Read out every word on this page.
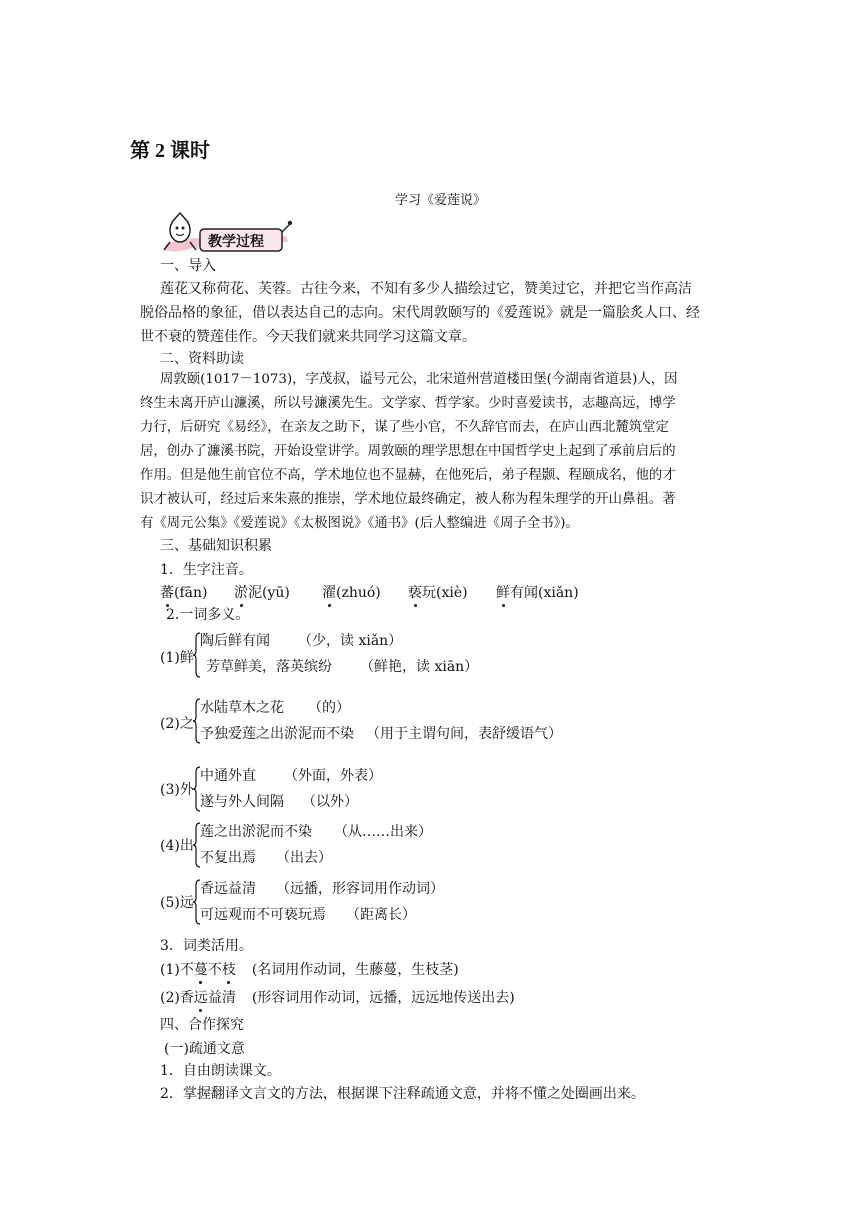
第 2 课时
学习《爱莲说》
教学过程
一、导入
莲花又称荷花、芙蓉。古往今来，不知有多少人描绘过它，赞美过它，并把它当作高洁
脱俗品格的象征，借以表达自己的志向。宋代周敦颐写的《爱莲说》就是一篇脍炙人口、经
世不衰的赞莲佳作。今天我们就来共同学习这篇文章。
二、资料助读
周敦颐(1017－1073)，字茂叔，谥号元公，北宋道州营道楼田堡(今湖南省道县)人，因
终生未离开庐山濂溪，所以号濂溪先生。文学家、哲学家。少时喜爱读书，志趣高远，博学
力行，后研究《易经》，在亲友之助下，谋了些小官，不久辞官而去，在庐山西北麓筑堂定
居，创办了濂溪书院，开始设堂讲学。周敦颐的理学思想在中国哲学史上起到了承前启后的
作用。但是他生前官位不高，学术地位也不显赫，在他死后，弟子程颢、程颐成名，他的才
识才被认可，经过后来朱熹的推崇，学术地位最终确定，被人称为程朱理学的开山鼻祖。著
有《周元公集》《爱莲说》《太极图说》《通书》(后人整编进《周子全书》)。
三、基础知识积累
1．生字注音。
蕃(fān) 淤泥(yū) 濯(zhuó) 亵玩(xiè) 鲜有闻(xiǎn)
2.一词多义。
(1)鲜
陶后鲜有闻 （少，读 xiǎn）
芳草鲜美，落英缤纷 （鲜艳，读 xiān）
(2)之
水陆草木之花 （的）
予独爱莲之出淤泥而不染 （用于主谓句间，表舒缓语气）
(3)外
中通外直 （外面，外表）
遂与外人间隔 （以外）
(4)出
莲之出淤泥而不染 （从……出来）
不复出焉 （出去）
(5)远
香远益清 （远播，形容词用作动词）
可远观而不可亵玩焉 （距离长）
3．词类活用。
(1)不蔓不枝 (名词用作动词，生藤蔓，生枝茎)
(2)香远益清 (形容词用作动词，远播，远远地传送出去)
四、合作探究
(一)疏通文意
1．自由朗读课文。
2．掌握翻译文言文的方法，根据课下注释疏通文意，并将不懂之处圈画出来。
